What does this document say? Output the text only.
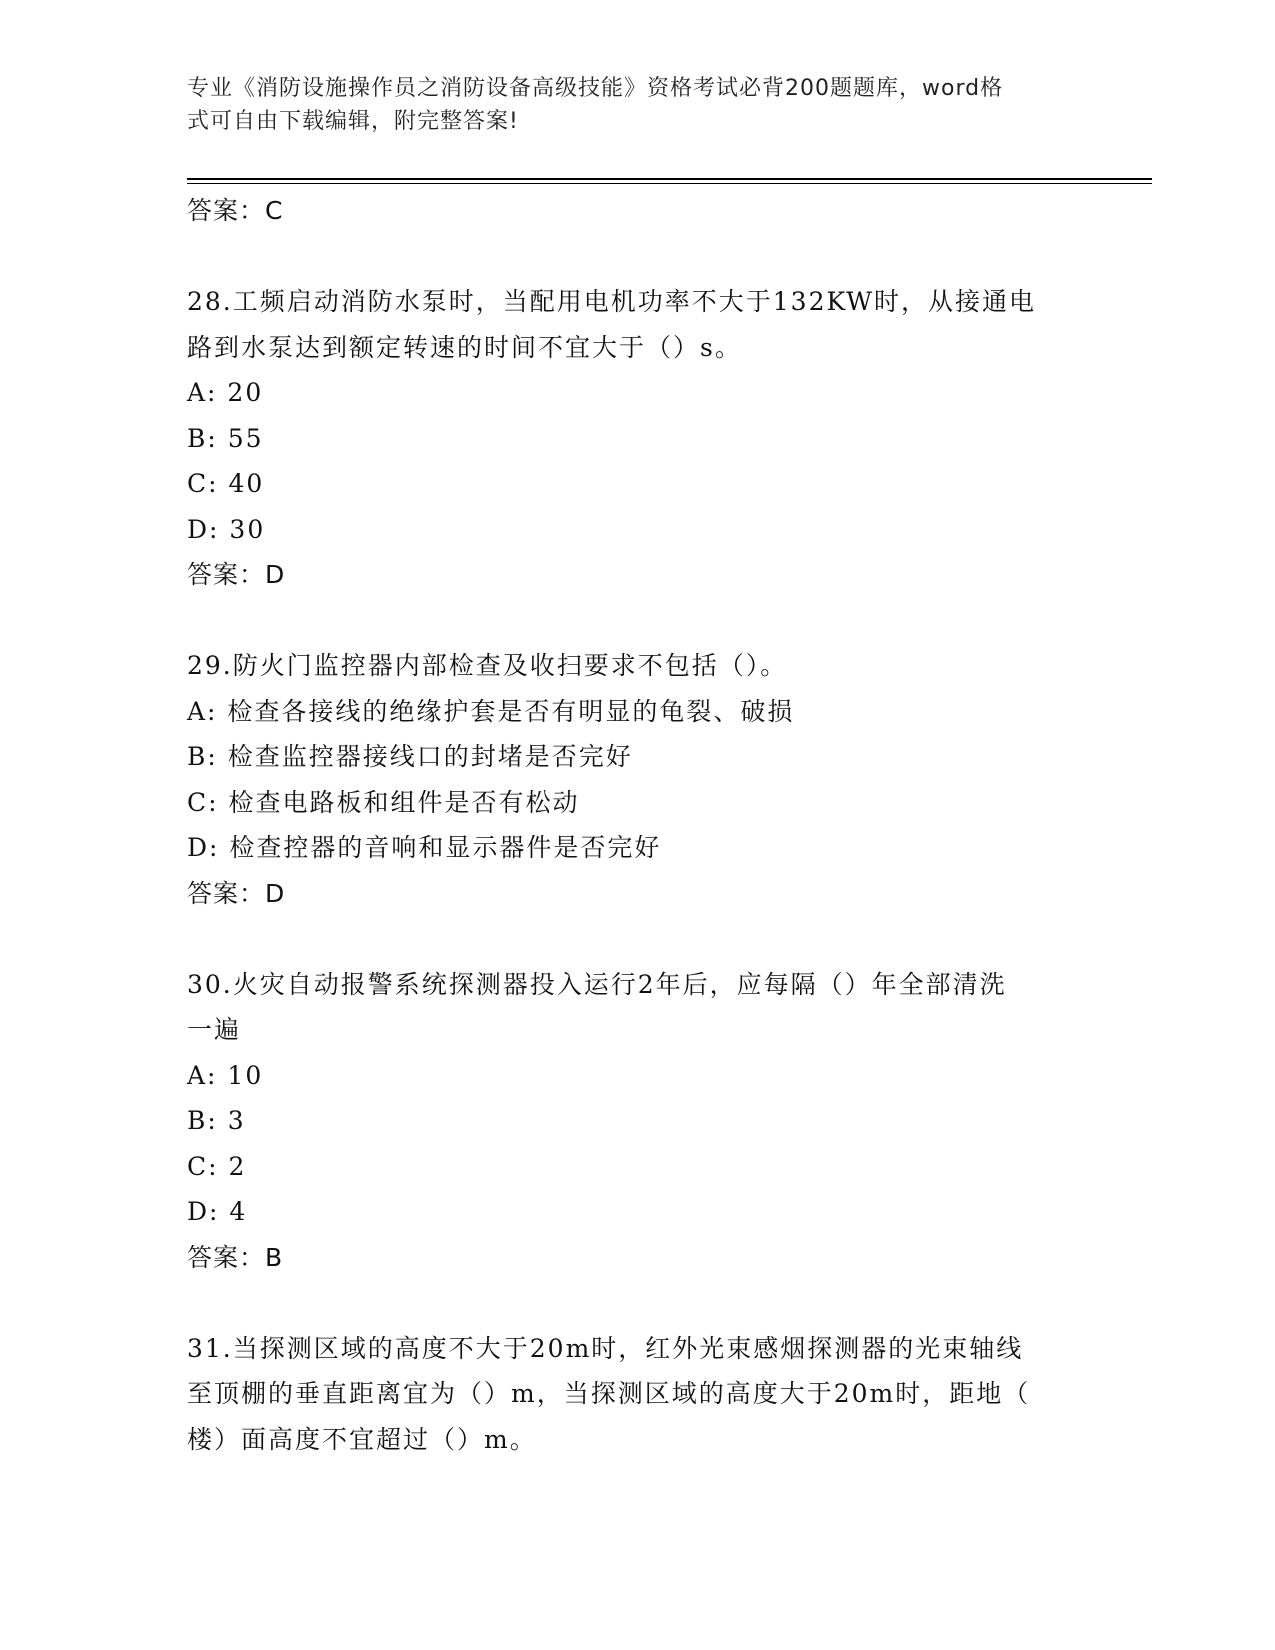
专业《消防设施操作员之消防设备高级技能》资格考试必背200题题库，word格
式可自由下载编辑，附完整答案!

答案：C

28.工频启动消防水泵时，当配用电机功率不大于132KW时，从接通电

路到水泵达到额定转速的时间不宜大于（）s。

A: 20

B: 55

C: 40

D: 30

答案：D

29.防火门监控器内部检查及收扫要求不包括（）。

A: 检查各接线的绝缘护套是否有明显的龟裂、破损

B: 检查监控器接线口的封堵是否完好

C: 检查电路板和组件是否有松动

D: 检查控器的音响和显示器件是否完好

答案：D

30.火灾自动报警系统探测器投入运行2年后，应每隔（）年全部清洗

一遍

A: 10

B: 3

C: 2

D: 4

答案：B

31.当探测区域的高度不大于20m时，红外光束感烟探测器的光束轴线

至顶棚的垂直距离宜为（）m，当探测区域的高度大于20m时，距地（

楼）面高度不宜超过（）m。
